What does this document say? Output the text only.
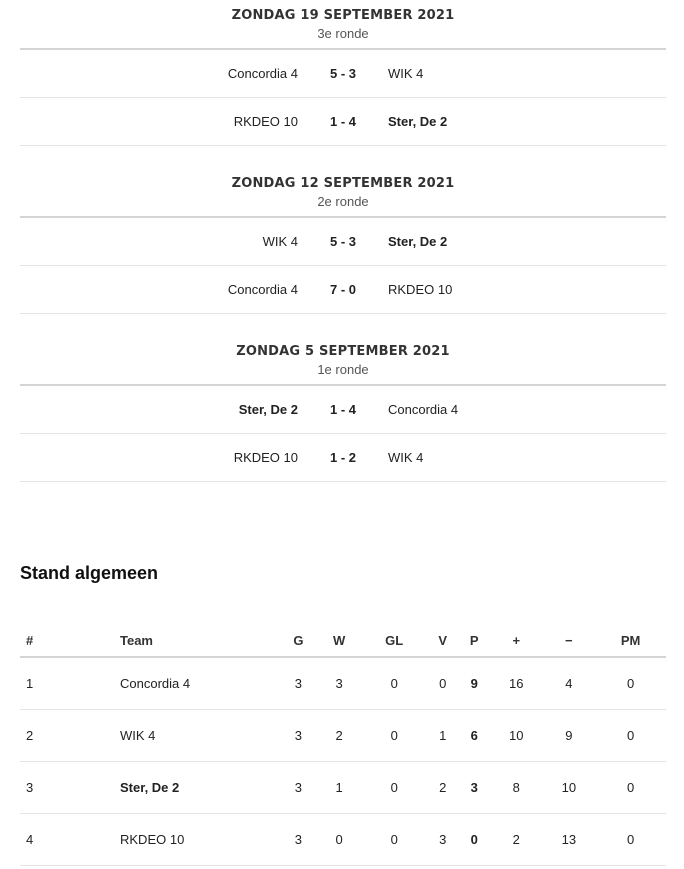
ZONDAG 19 SEPTEMBER 2021
3e ronde
Concordia 4	5 - 3	WIK 4
RKDEO 10	1 - 4	Ster, De 2
ZONDAG 12 SEPTEMBER 2021
2e ronde
WIK 4	5 - 3	Ster, De 2
Concordia 4	7 - 0	RKDEO 10
ZONDAG 5 SEPTEMBER 2021
1e ronde
Ster, De 2	1 - 4	Concordia 4
RKDEO 10	1 - 2	WIK 4
Stand algemeen
#	Team	G	W	GL	V	P	+	−	PM
1	Concordia 4	3	3	0	0	9	16	4	0
2	WIK 4	3	2	0	1	6	10	9	0
3	Ster, De 2	3	1	0	2	3	8	10	0
4	RKDEO 10	3	0	0	3	0	2	13	0
